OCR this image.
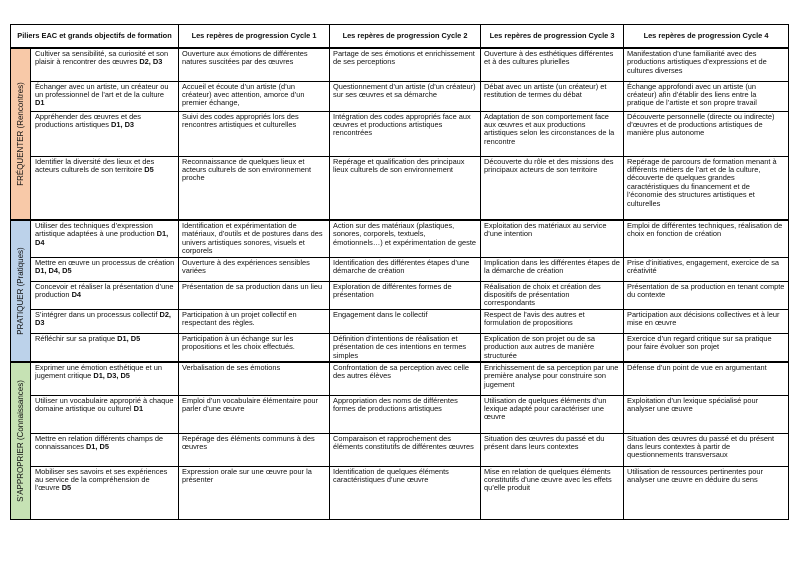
Piliers EAC et grands objectifs de formation		Les repères de progression Cycle 1	Les repères de progression Cycle 2	Les repères de progression Cycle 3	Les repères de progression Cycle 4

FRÉQUENTER (Rencontres)	Cultiver sa sensibilité, sa curiosité et son plaisir à rencontrer des œuvres D2, D3	Ouverture aux émotions de différentes natures suscitées par des œuvres	Partage de ses émotions et enrichissement de ses perceptions	Ouverture à des esthétiques différentes et à des cultures plurielles	Manifestation d’une familiarité avec des productions artistiques d’expressions et de cultures diverses
	Échanger avec un artiste, un créateur ou un professionnel de l’art et de la culture D1	Accueil et écoute d’un artiste (d’un créateur) avec attention, amorce d’un premier échange,	Questionnement d’un artiste (d’un créateur) sur ses œuvres et sa démarche	Débat avec un artiste (un créateur) et restitution de termes du débat	Échange approfondi avec un artiste (un créateur) afin d’établir des liens entre la pratique de l’artiste et son propre travail
	Appréhender des œuvres et des productions artistiques D1, D3	Suivi des codes appropriés lors des rencontres artistiques et culturelles	Intégration des codes appropriés face aux œuvres et productions artistiques rencontrées	Adaptation de son comportement face aux œuvres et aux productions artistiques selon les circonstances de la rencontre	Découverte personnelle (directe ou indirecte) d’œuvres et de productions artistiques de manière plus autonome
	Identifier la diversité des lieux et des acteurs culturels de son territoire D5	Reconnaissance de quelques lieux et acteurs culturels de son environnement proche	Repérage et qualification des principaux lieux culturels de son environnement	Découverte du rôle et des missions des principaux acteurs de son territoire	Repérage de parcours de formation menant à différents métiers de l’art et de la culture, découverte de quelques grandes caractéristiques du financement et de l’économie des structures artistiques et culturelles

PRATIQUER (Pratiques)	Utiliser des techniques d’expression artistique adaptées à une production D1, D4	Identification et expérimentation de matériaux, d’outils et de postures dans des univers artistiques sonores, visuels et corporels	Action sur des matériaux (plastiques, sonores, corporels, textuels, émotionnels…) et expérimentation de geste	Exploitation des matériaux au service d’une intention	Emploi de différentes techniques, réalisation de choix en fonction de création
	Mettre en œuvre un processus de création D1, D4, D5	Ouverture à des expériences sensibles variées	Identification des différentes étapes d’une démarche de création	Implication dans les différentes étapes de la démarche de création	Prise d’initiatives, engagement, exercice de sa créativité
	Concevoir et réaliser la présentation d’une production D4	Présentation de sa production dans un lieu	Exploration de différentes formes de présentation	Réalisation de choix et création des dispositifs de présentation correspondants	Présentation de sa production en tenant compte du contexte
	S’intégrer dans un processus collectif D2, D3	Participation à un projet collectif en respectant des règles.	Engagement dans le collectif	Respect de l’avis des autres et formulation de propositions	Participation aux décisions collectives et à leur mise en œuvre
	Réfléchir sur sa pratique D1, D5	Participation à un échange sur les propositions et les choix effectués.	Définition d’intentions de réalisation et présentation de ces intentions en termes simples	Explication de son projet ou de sa production aux autres de manière structurée	Exercice d’un regard critique sur sa pratique pour faire évoluer son projet

S’APPROPRIER (Connaissances)	Exprimer une émotion esthétique et un jugement critique D1, D3, D5	Verbalisation de ses émotions	Confrontation de sa perception avec celle des autres élèves	Enrichissement de sa perception par une première analyse pour construire son jugement	Défense d’un point de vue en argumentant
	Utiliser un vocabulaire approprié à chaque domaine artistique ou culturel D1	Emploi d’un vocabulaire élémentaire pour parler d’une œuvre	Appropriation des noms de différentes formes de productions artistiques	Utilisation de quelques éléments d’un lexique adapté pour caractériser une œuvre	Exploitation d’un lexique spécialisé pour analyser une œuvre
	Mettre en relation différents champs de connaissances D1, D5	Repérage des éléments communs à des œuvres	Comparaison et rapprochement des éléments constitutifs de différentes œuvres	Situation des œuvres du passé et du présent dans leurs contextes	Situation des œuvres du passé et du présent dans leurs contextes à partir de questionnements transversaux
	Mobiliser ses savoirs et ses expériences au service de la compréhension de l’œuvre D5	Expression orale sur une œuvre pour la présenter	Identification de quelques éléments caractéristiques d’une œuvre	Mise en relation de quelques éléments constitutifs d’une œuvre avec les effets qu’elle produit	Utilisation de ressources pertinentes pour analyser une œuvre en déduire du sens
